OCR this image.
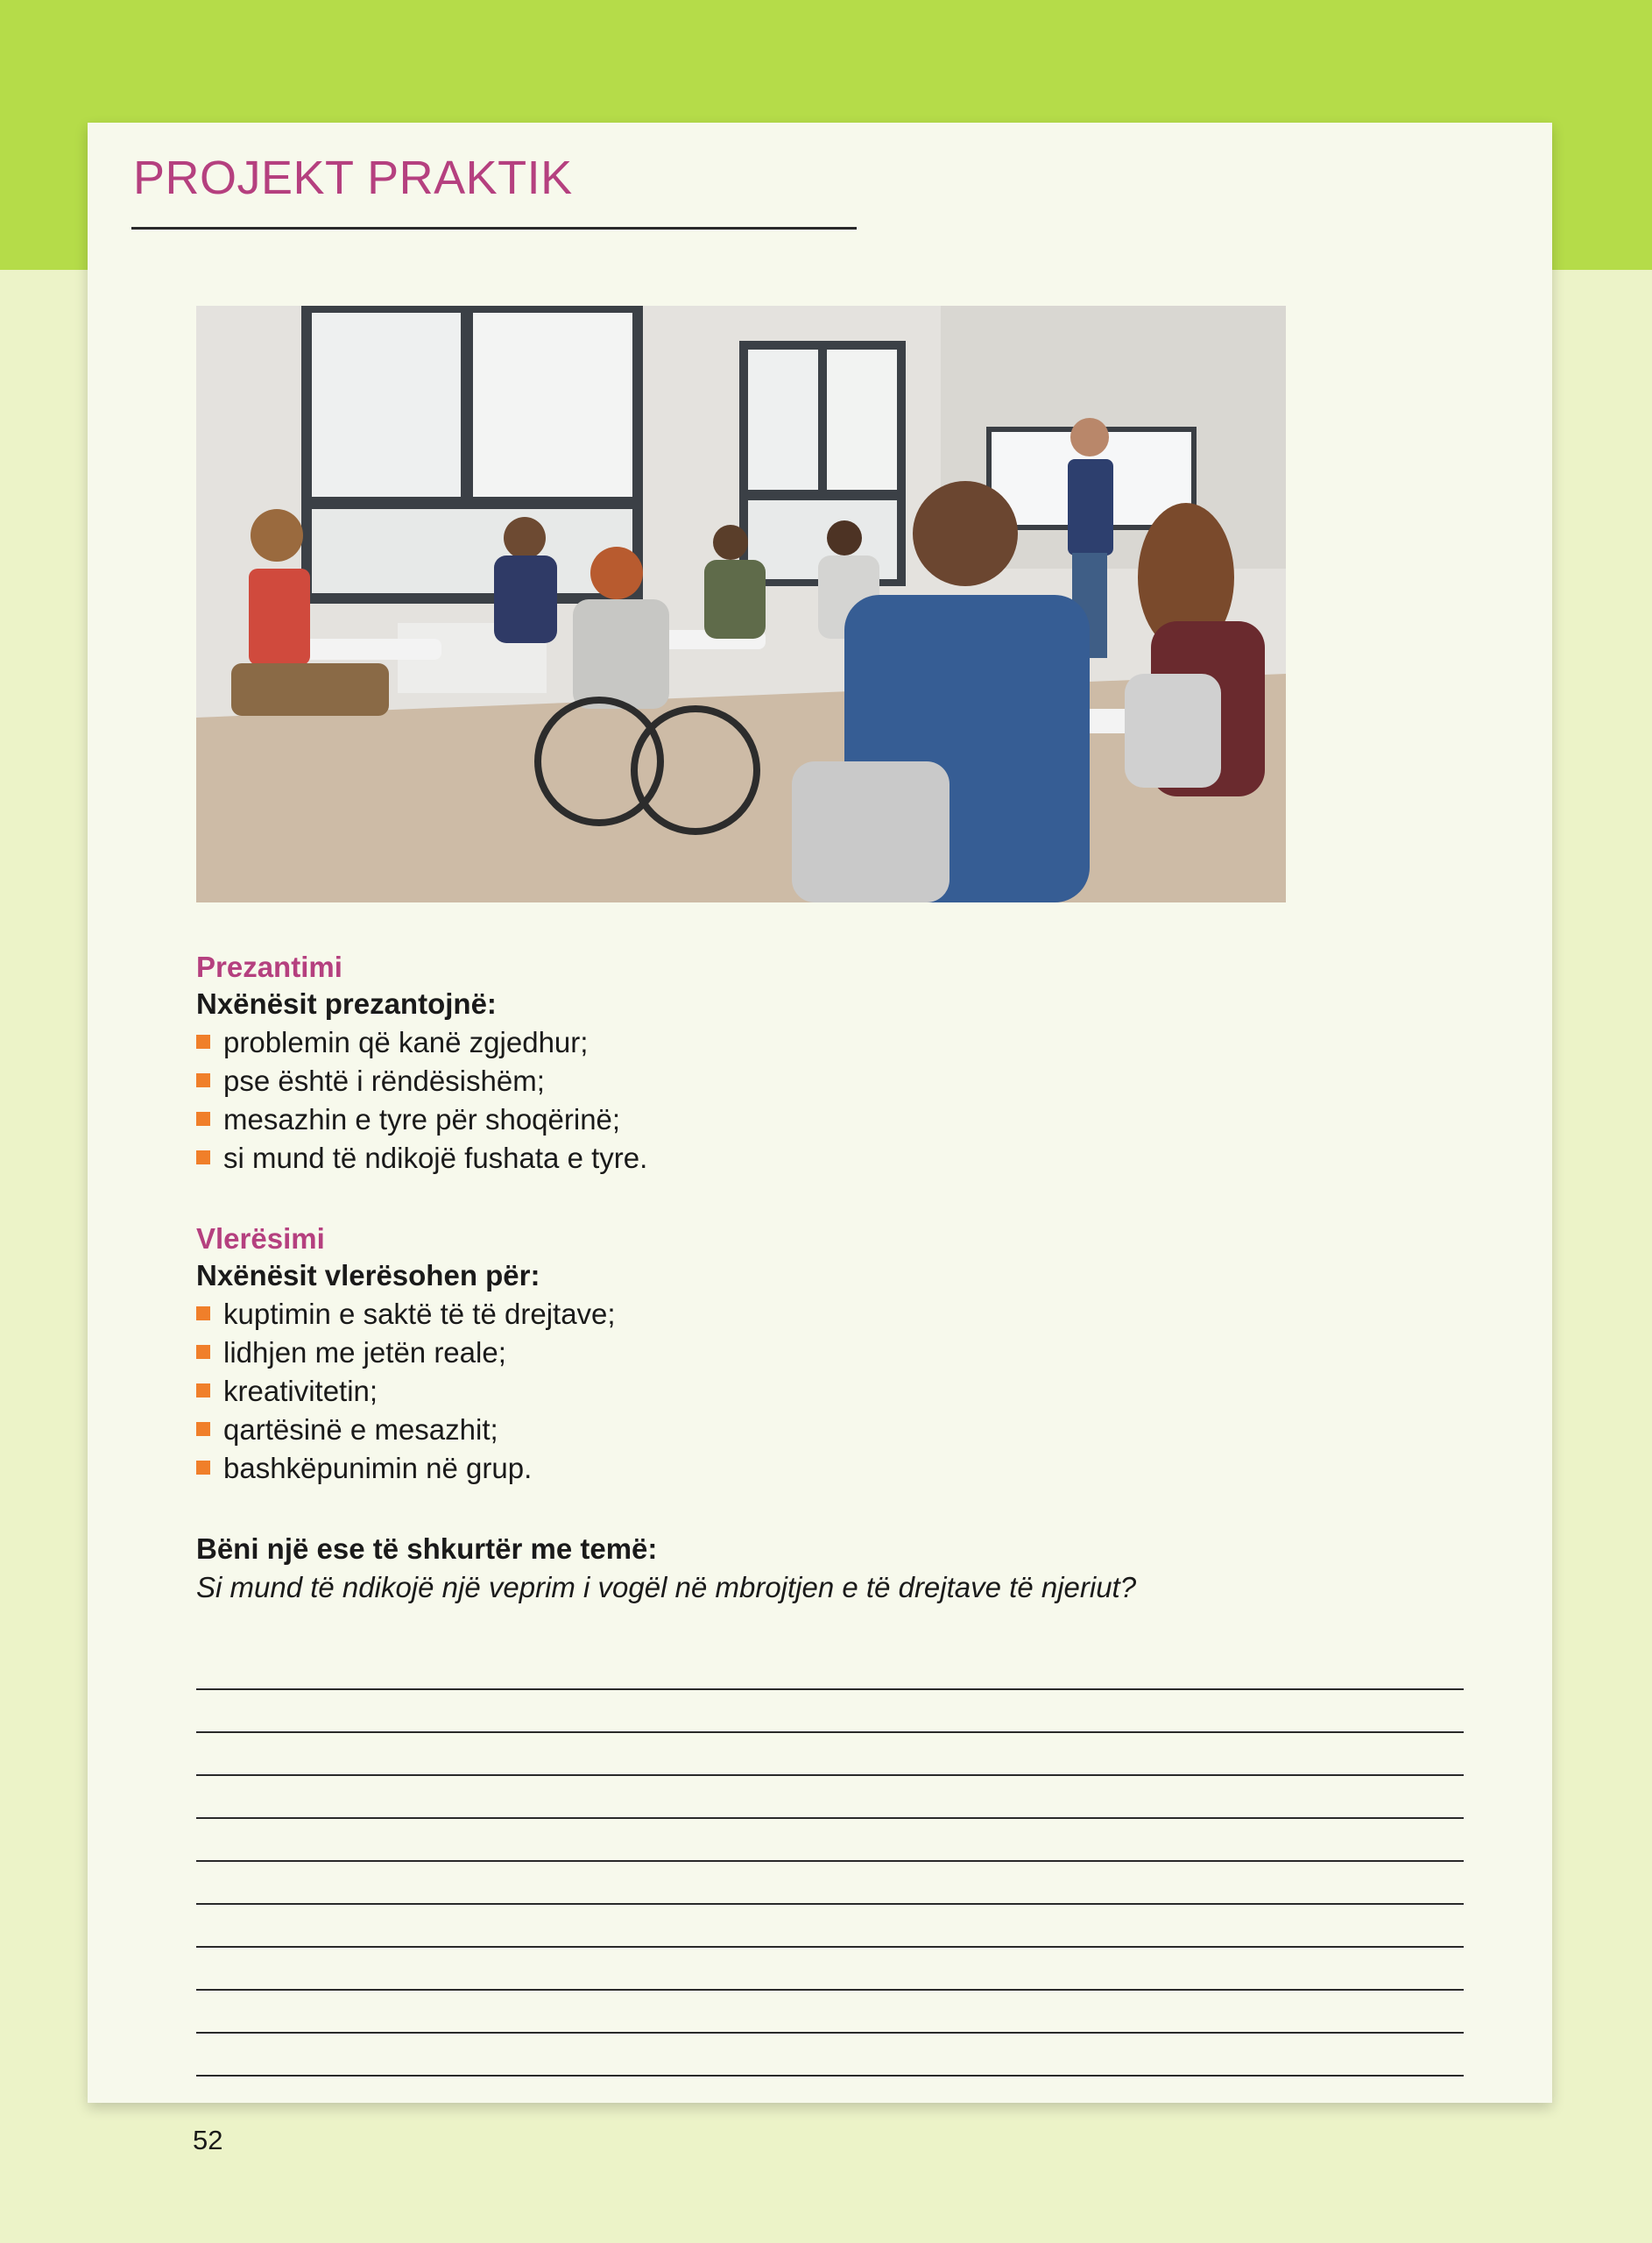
PROJEKT PRAKTIK
Prezantimi
Nxënësit prezantojnë:
problemin që kanë zgjedhur;
pse është i rëndësishëm;
mesazhin e tyre për shoqërinë;
si mund të ndikojë fushata e tyre.
Vlerësimi
Nxënësit vlerësohen për:
kuptimin e saktë të të drejtave;
lidhjen me jetën reale;
kreativitetin;
qartësinë e mesazhit;
bashkëpunimin në grup.
Bëni një ese të shkurtër me temë:
Si mund të ndikojë një veprim i vogël në mbrojtjen e të drejtave të njeriut?
52
